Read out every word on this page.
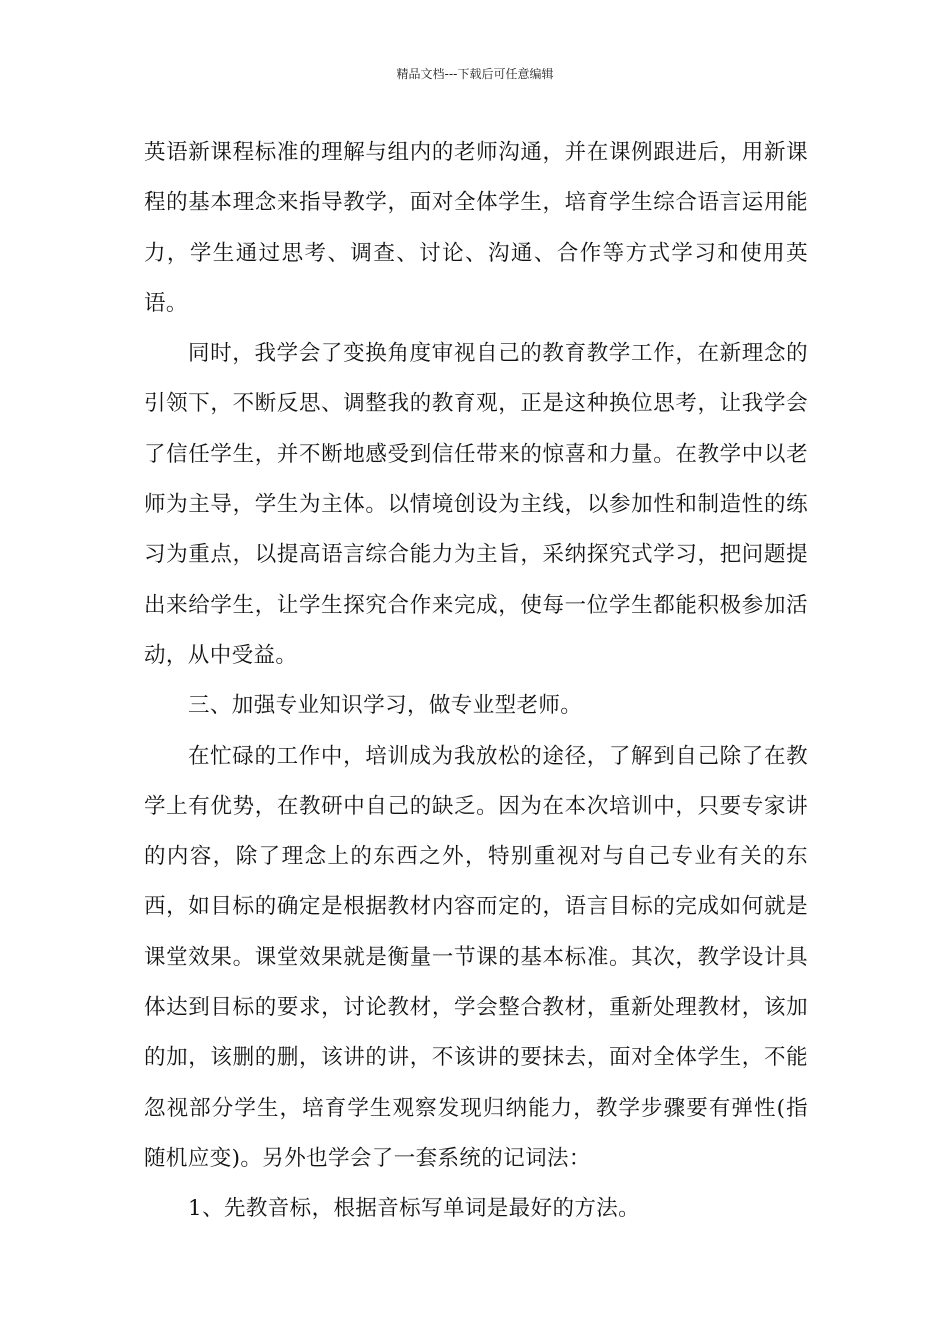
精品文档---下载后可任意编辑

英语新课程标准的理解与组内的老师沟通，并在课例跟进后，用新课程的基本理念来指导教学，面对全体学生，培育学生综合语言运用能力，学生通过思考、调查、讨论、沟通、合作等方式学习和使用英语。

同时，我学会了变换角度审视自己的教育教学工作，在新理念的引领下，不断反思、调整我的教育观，正是这种换位思考，让我学会了信任学生，并不断地感受到信任带来的惊喜和力量。在教学中以老师为主导，学生为主体。以情境创设为主线，以参加性和制造性的练习为重点，以提高语言综合能力为主旨，采纳探究式学习，把问题提出来给学生，让学生探究合作来完成，使每一位学生都能积极参加活动，从中受益。

三、加强专业知识学习，做专业型老师。

在忙碌的工作中，培训成为我放松的途径，了解到自己除了在教学上有优势，在教研中自己的缺乏。因为在本次培训中，只要专家讲的内容，除了理念上的东西之外，特别重视对与自己专业有关的东西，如目标的确定是根据教材内容而定的，语言目标的完成如何就是课堂效果。课堂效果就是衡量一节课的基本标准。其次，教学设计具体达到目标的要求，讨论教材，学会整合教材，重新处理教材，该加的加，该删的删，该讲的讲，不该讲的要抹去，面对全体学生，不能忽视部分学生，培育学生观察发现归纳能力，教学步骤要有弹性(指随机应变)。另外也学会了一套系统的记词法：

1、先教音标，根据音标写单词是最好的方法。
